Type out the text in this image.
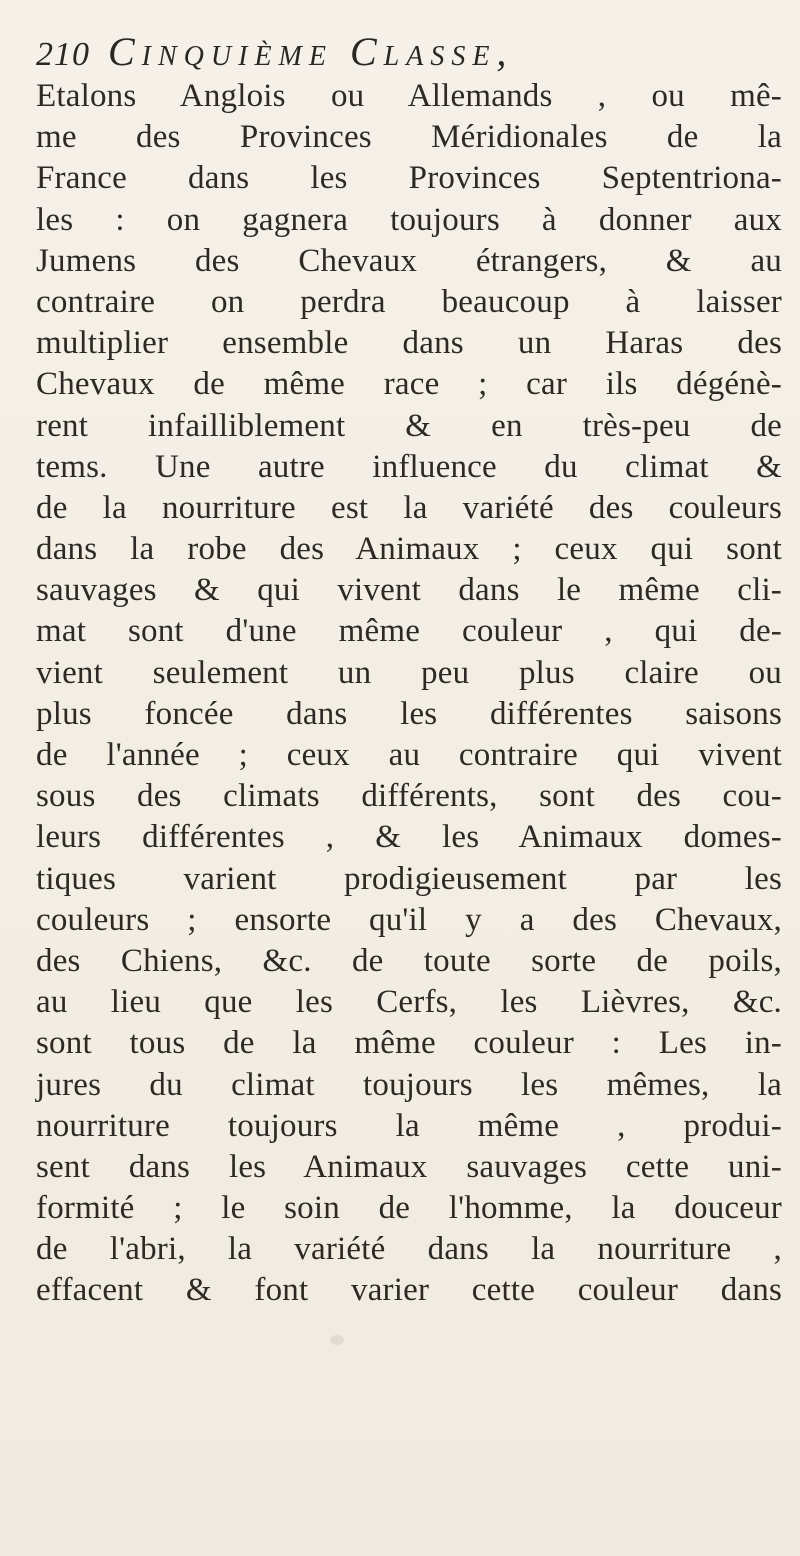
210 Cinquième Classe,
Etalons Anglois ou Allemands , ou mê-
me des Provinces Méridionales de la
France dans les Provinces Septentriona-
les : on gagnera toujours à donner aux
Jumens des Chevaux étrangers, & au
contraire on perdra beaucoup à laisser
multiplier ensemble dans un Haras des
Chevaux de même race ; car ils dégénè-
rent infailliblement & en très-peu de
tems. Une autre influence du climat &
de la nourriture est la variété des couleurs
dans la robe des Animaux ; ceux qui sont
sauvages & qui vivent dans le même cli-
mat sont d'une même couleur , qui de-
vient seulement un peu plus claire ou
plus foncée dans les différentes saisons
de l'année ; ceux au contraire qui vivent
sous des climats différents, sont des cou-
leurs différentes , & les Animaux domes-
tiques varient prodigieusement par les
couleurs ; ensorte qu'il y a des Chevaux,
des Chiens, &c. de toute sorte de poils,
au lieu que les Cerfs, les Lièvres, &c.
sont tous de la même couleur : Les in-
jures du climat toujours les mêmes, la
nourriture toujours la même , produi-
sent dans les Animaux sauvages cette uni-
formité ; le soin de l'homme, la douceur
de l'abri, la variété dans la nourriture ,
effacent & font varier cette couleur dans
